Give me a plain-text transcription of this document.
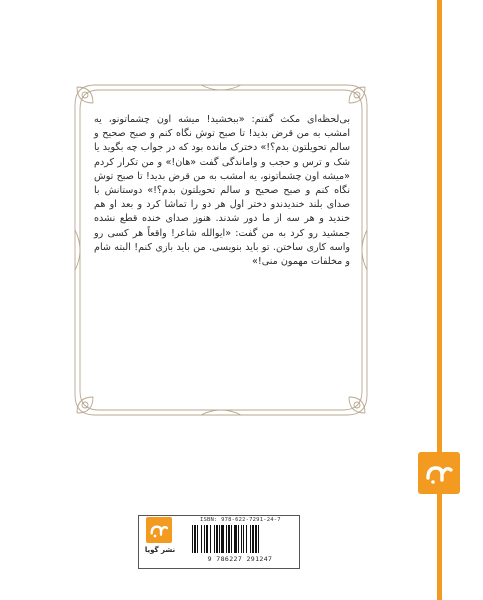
بی‌لحظه‌ای مکث گفتم: «ببخشید! میشه اون چشماتونو، یه امشب به من قرض بدید! تا صبح توش نگاه کنم و صبح صحیح و سالم تحویلتون بدم؟!» دخترک مانده بود که در جواب چه بگوید یا شک و ترس و حجب و واماندگی گفت «هان!» و من تکرار کردم «میشه اون چشماتونو، یه امشب به من قرض بدید! تا صبح توش نگاه کنم و صبح صحیح و سالم تحویلتون بدم؟!» دوستانش با صدای بلند خندیدندو دختر اول هر دو را تماشا کرد و بعد او هم خندید و هر سه از ما دور شدند. هنوز صدای خنده قطع نشده جمشید رو کرد به من گفت: «ایوالله شاعر! واقعاً هر کسی رو واسه کاری ساختن. تو باید بنویسی. من باید بازی کنم! البته شام و مخلفات مهمون منی!»

نشر گویا
ISBN: 978-622-7291-24-7
9 786227 291247
